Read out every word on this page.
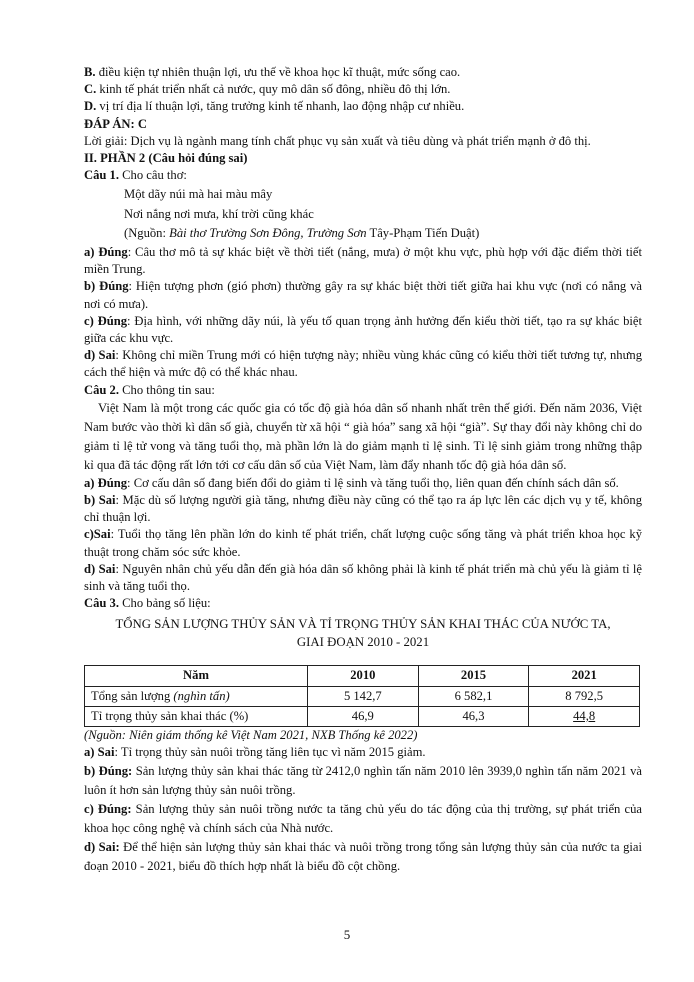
B. điều kiện tự nhiên thuận lợi, ưu thế về khoa học kĩ thuật, mức sống cao.
C. kinh tế phát triển nhất cả nước, quy mô dân số đông, nhiều đô thị lớn.
D. vị trí địa lí thuận lợi, tăng trưởng kinh tế nhanh, lao động nhập cư nhiều.
ĐÁP ÁN: C
Lời giải: Dịch vụ là ngành mang tính chất phục vụ sản xuất và tiêu dùng và phát triển mạnh ở đô thị.
II. PHẦN 2 (Câu hỏi đúng sai)
Câu 1. Cho câu thơ:
Một dãy núi mà hai màu mây
Nơi nắng nơi mưa, khí trời cũng khác
(Nguồn: Bài thơ Trường Sơn Đông, Trường Sơn Tây-Phạm Tiến Duật)
a) Đúng: Câu thơ mô tả sự khác biệt về thời tiết (nắng, mưa) ở một khu vực, phù hợp với đặc điểm thời tiết miền Trung.
b) Đúng: Hiện tượng phơn (gió phơn) thường gây ra sự khác biệt thời tiết giữa hai khu vực (nơi có nắng và nơi có mưa).
c) Đúng: Địa hình, với những dãy núi, là yếu tố quan trọng ảnh hưởng đến kiểu thời tiết, tạo ra sự khác biệt giữa các khu vực.
d) Sai: Không chỉ miền Trung mới có hiện tượng này; nhiều vùng khác cũng có kiểu thời tiết tương tự, nhưng cách thể hiện và mức độ có thể khác nhau.
Câu 2. Cho thông tin sau:
Việt Nam là một trong các quốc gia có tốc độ già hóa dân số nhanh nhất trên thế giới. Đến năm 2036, Việt Nam bước vào thời kì dân số già, chuyển từ xã hội “ già hóa” sang xã hội “già”. Sự thay đổi này không chỉ do giảm tỉ lệ tử vong và tăng tuổi thọ, mà phần lớn là do giảm mạnh tỉ lệ sinh. Tỉ lệ sinh giảm trong những thập kỉ qua đã tác động rất lớn tới cơ cấu dân số của Việt Nam, làm đẩy nhanh tốc độ già hóa dân số.
a) Đúng: Cơ cấu dân số đang biến đổi do giảm tỉ lệ sinh và tăng tuổi thọ, liên quan đến chính sách dân số.
b) Sai: Mặc dù số lượng người già tăng, nhưng điều này cũng có thể tạo ra áp lực lên các dịch vụ y tế, không chỉ thuận lợi.
c)Sai: Tuổi thọ tăng lên phần lớn do kinh tế phát triển, chất lượng cuộc sống tăng và phát triển khoa học kỹ thuật trong chăm sóc sức khỏe.
d) Sai: Nguyên nhân chủ yếu dẫn đến già hóa dân số không phải là kinh tế phát triển mà chủ yếu là giảm tỉ lệ sinh và tăng tuổi thọ.
Câu 3. Cho bảng số liệu:
TỔNG SẢN LƯỢNG THỦY SẢN VÀ TỈ TRỌNG THỦY SẢN KHAI THÁC CỦA NƯỚC TA,
GIAI ĐOẠN 2010 - 2021
Năm	2010	2015	2021
Tổng sản lượng (nghìn tấn)	5 142,7	6 582,1	8 792,5
Tỉ trọng thủy sản khai thác (%)	46,9	46,3	44,8
(Nguồn: Niên giám thống kê Việt Nam 2021, NXB Thống kê 2022)
a) Sai: Tỉ trọng thủy sản nuôi trồng tăng liên tục vì năm 2015 giảm.
b) Đúng: Sản lượng thủy sản khai thác tăng từ 2412,0 nghìn tấn năm 2010 lên 3939,0 nghìn tấn năm 2021 và luôn ít hơn sản lượng thủy sản nuôi trồng.
c) Đúng: Sản lượng thủy sản nuôi trồng nước ta tăng chủ yếu do tác động của thị trường, sự phát triển của khoa học công nghệ và chính sách của Nhà nước.
d) Sai: Để thể hiện sản lượng thủy sản khai thác và nuôi trồng trong tổng sản lượng thủy sản của nước ta giai đoạn 2010 - 2021, biểu đồ thích hợp nhất là biểu đồ cột chồng.
5
